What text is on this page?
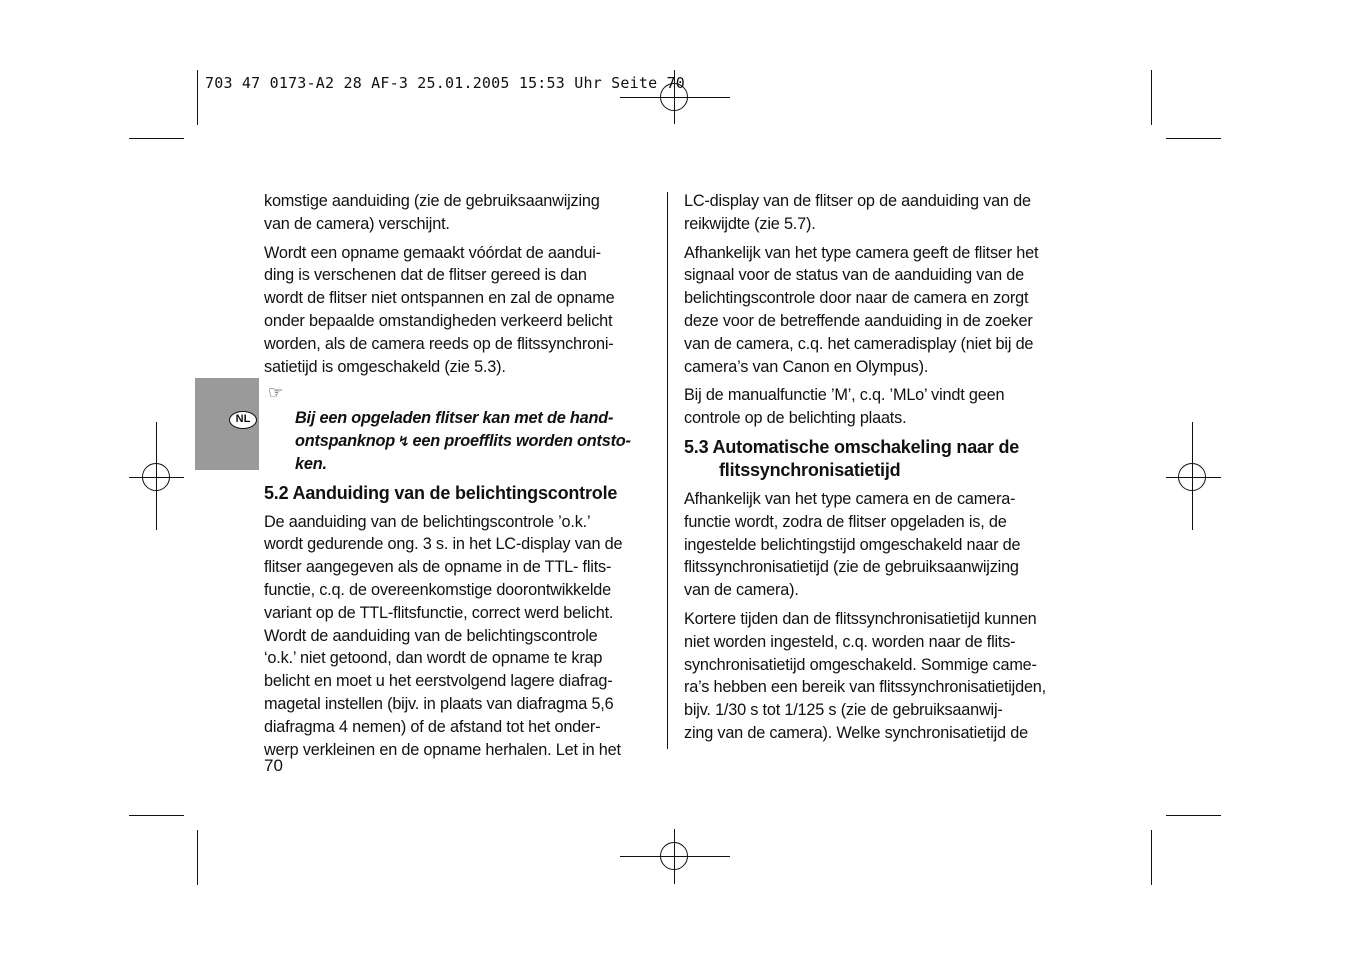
703 47 0173-A2 28 AF-3 25.01.2005 15:53 Uhr Seite 70
NL

komstige aanduiding (zie de gebruiksaanwijzing
van de camera) verschijnt.

Wordt een opname gemaakt vóórdat de aandui-
ding is verschenen dat de flitser gereed is dan
wordt de flitser niet ontspannen en zal de opname
onder bepaalde omstandigheden verkeerd belicht
worden, als de camera reeds op de flitssynchroni-
satietijd is omgeschakeld (zie 5.3).

☞
Bij een opgeladen flitser kan met de hand-
ontspanknop ↯ een proefflits worden ontsto-
ken.

5.2 Aanduiding van de belichtingscontrole

De aanduiding van de belichtingscontrole ’o.k.’
wordt gedurende ong. 3 s. in het LC-display van de
flitser aangegeven als de opname in de TTL- flits-
functie, c.q. de overeenkomstige doorontwikkelde
variant op de TTL-flitsfunctie, correct werd belicht.
Wordt de aanduiding van de belichtingscontrole
‘o.k.’ niet getoond, dan wordt de opname te krap
belicht en moet u het eerstvolgend lagere diafrag-
magetal instellen (bijv. in plaats van diafragma 5,6
diafragma 4 nemen) of de afstand tot het onder-
werp verkleinen en de opname herhalen. Let in het

LC-display van de flitser op de aanduiding van de
reikwijdte (zie 5.7).

Afhankelijk van het type camera geeft de flitser het
signaal voor de status van de aanduiding van de
belichtingscontrole door naar de camera en zorgt
deze voor de betreffende aanduiding in de zoeker
van de camera, c.q. het cameradisplay (niet bij de
camera’s van Canon en Olympus).

Bij de manualfunctie ’M’, c.q. ’MLo’ vindt geen
controle op de belichting plaats.

5.3 Automatische omschakeling naar de
flitssynchronisatietijd

Afhankelijk van het type camera en de camera-
functie wordt, zodra de flitser opgeladen is, de
ingestelde belichtingstijd omgeschakeld naar de
flitssynchronisatietijd (zie de gebruiksaanwijzing
van de camera).

Kortere tijden dan de flitssynchronisatietijd kunnen
niet worden ingesteld, c.q. worden naar de flits-
synchronisatietijd omgeschakeld. Sommige came-
ra’s hebben een bereik van flitssynchronisatietijden,
bijv. 1/30 s tot 1/125 s (zie de gebruiksaanwij-
zing van de camera). Welke synchronisatietijd de

70
